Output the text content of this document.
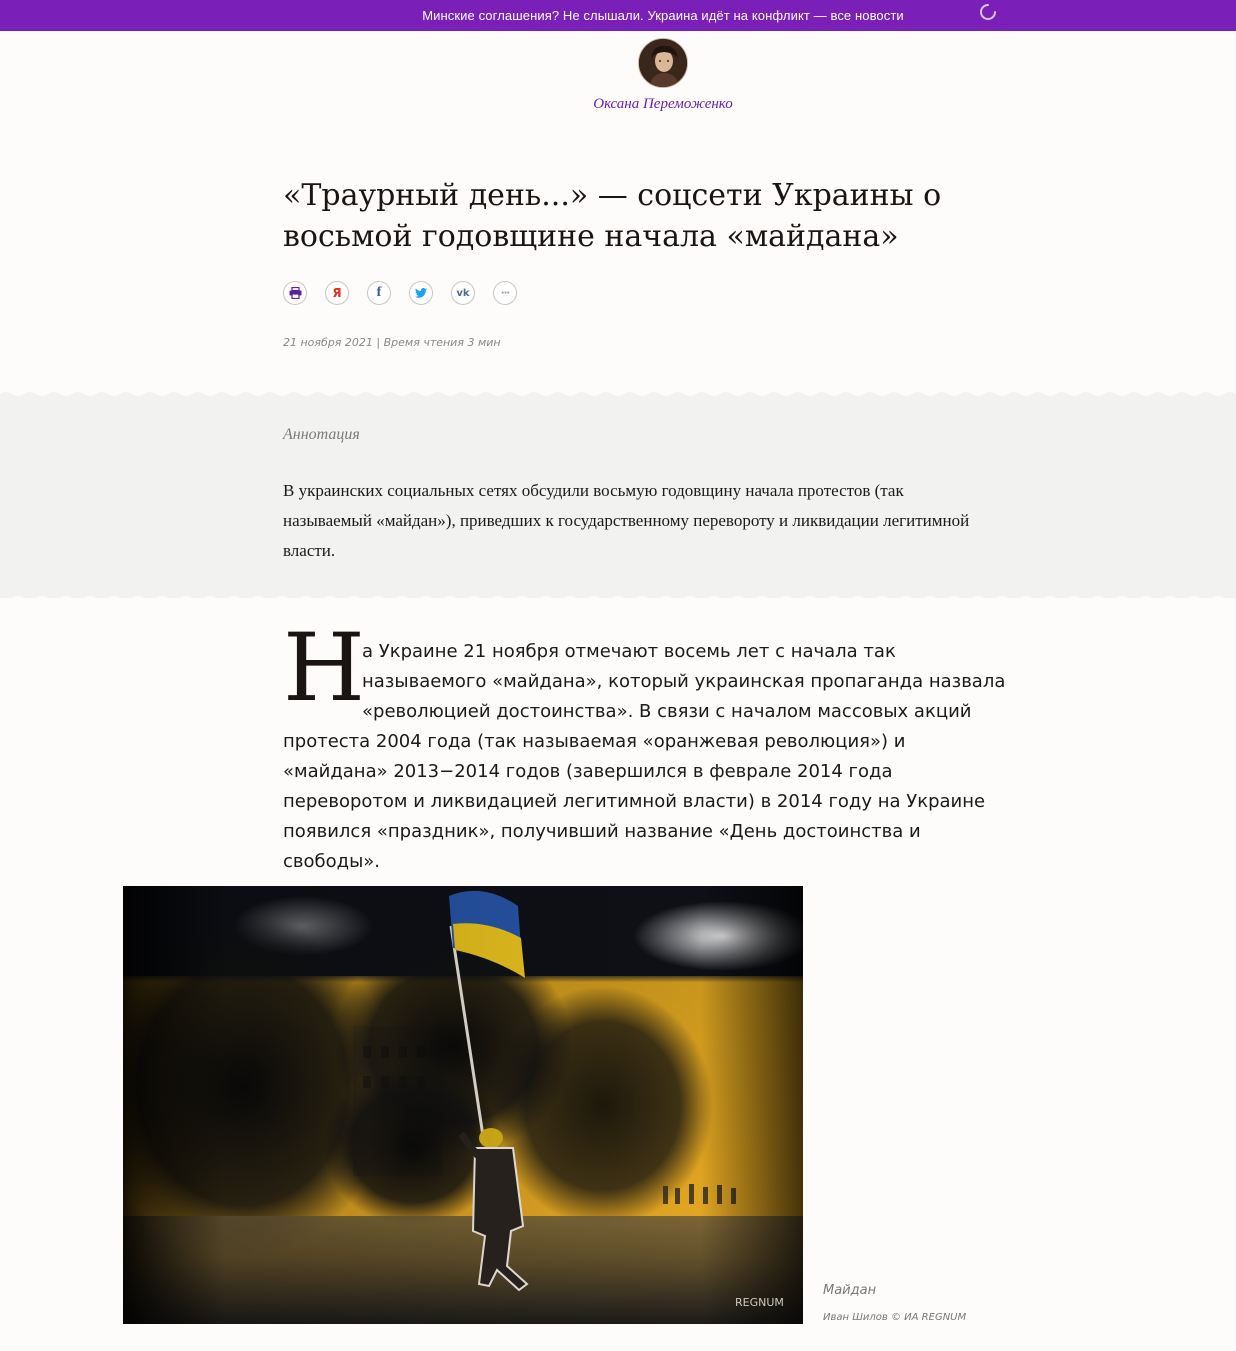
Минские соглашения? Не слышали. Украина идёт на конфликт — все новости
Оксана Переможенко
«Траурный день...» — соцсети Украины о восьмой годовщине начала «майдана»
Я	f	vk	···
21 ноября 2021 | Время чтения 3 мин
Аннотация

В украинских социальных сетях обсудили восьмую годовщину начала протестов (так называемый «майдан»), приведших к государственному перевороту и ликвидации легитимной власти.

Н

а Украине 21 ноября отмечают восемь лет с начала так называемого «майдана», который украинская пропаганда назвала «революцией достоинства». В связи с началом массовых акций протеста 2004 года (так называемая «оранжевая революция») и «майдана» 2013−2014 годов (завершился в феврале 2014 года переворотом и ликвидацией легитимной власти) в 2014 году на Украине появился «праздник», получивший название «День достоинства и свободы».

REGNUM
Майдан
Иван Шилов © ИА REGNUM
